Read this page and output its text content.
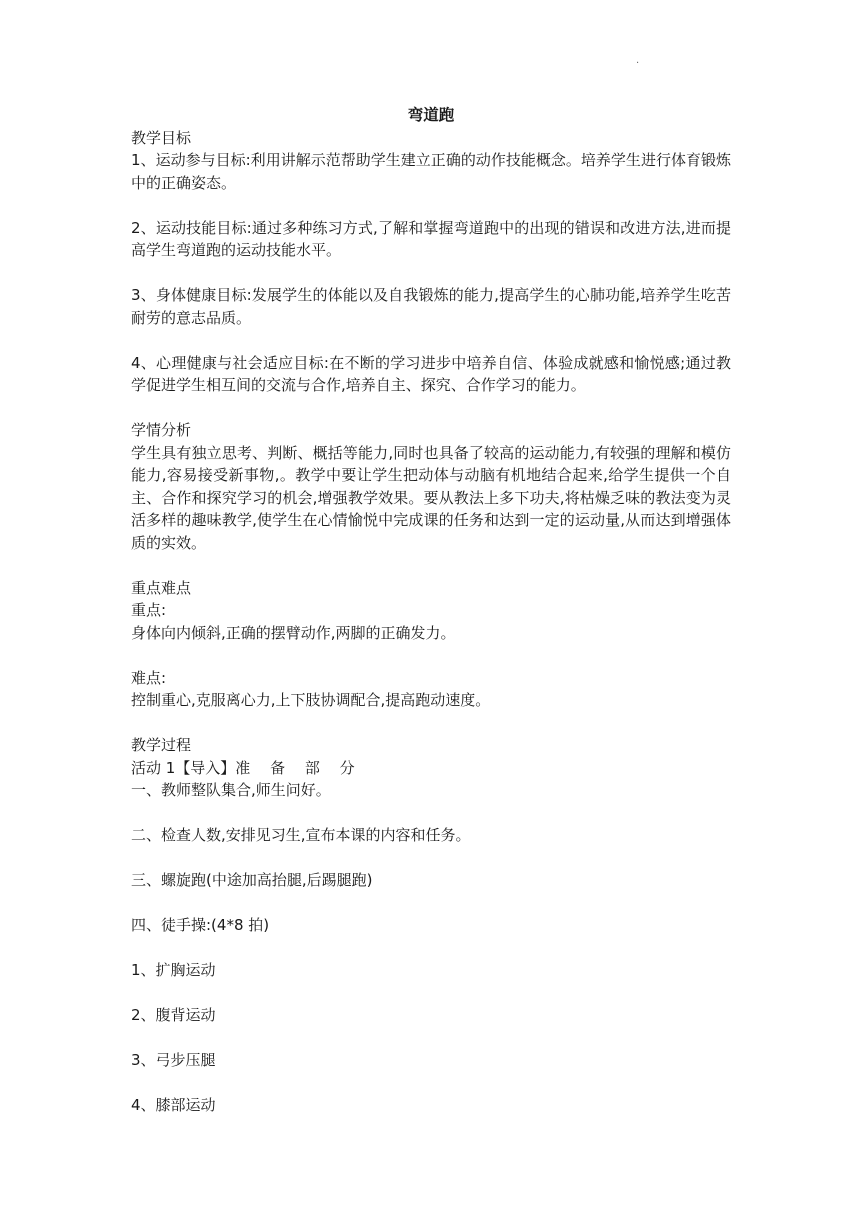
.

弯道跑

教学目标

1、运动参与目标:利用讲解示范帮助学生建立正确的动作技能概念。培养学生进行体育锻炼中的正确姿态。

2、运动技能目标:通过多种练习方式,了解和掌握弯道跑中的出现的错误和改进方法,进而提高学生弯道跑的运动技能水平。

3、身体健康目标:发展学生的体能以及自我锻炼的能力,提高学生的心肺功能,培养学生吃苦耐劳的意志品质。

4、心理健康与社会适应目标:在不断的学习进步中培养自信、体验成就感和愉悦感;通过教学促进学生相互间的交流与合作,培养自主、探究、合作学习的能力。

学情分析

学生具有独立思考、判断、概括等能力,同时也具备了较高的运动能力,有较强的理解和模仿能力,容易接受新事物,。教学中要让学生把动体与动脑有机地结合起来,给学生提供一个自主、合作和探究学习的机会,增强教学效果。要从教法上多下功夫,将枯燥乏味的教法变为灵活多样的趣味教学,使学生在心情愉悦中完成课的任务和达到一定的运动量,从而达到增强体质的实效。

重点难点

重点:

身体向内倾斜,正确的摆臂动作,两脚的正确发力。

难点:

控制重心,克服离心力,上下肢协调配合,提高跑动速度。

教学过程

活动 1【导入】准　 备　 部　 分

一、教师整队集合,师生问好。

二、检查人数,安排见习生,宣布本课的内容和任务。

三、螺旋跑(中途加高抬腿,后踢腿跑)

四、徒手操:(4*8 拍)

1、扩胸运动

2、腹背运动

3、弓步压腿

4、膝部运动
